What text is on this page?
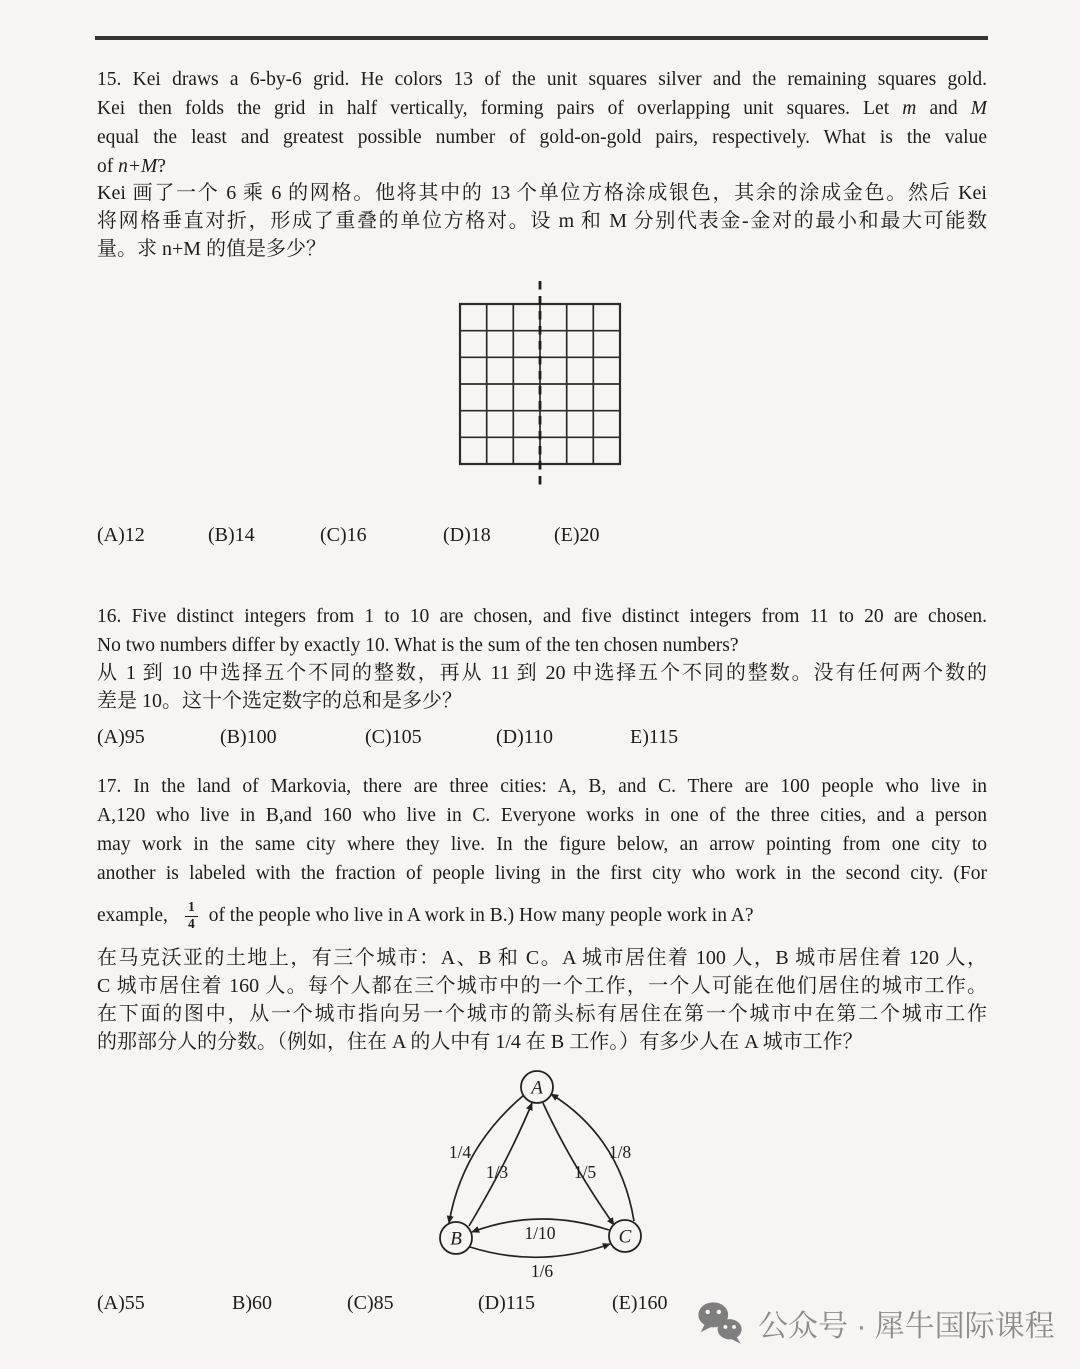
15. Kei draws a 6-by-6 grid. He colors 13 of the unit squares silver and the remaining squares gold.
Kei then folds the grid in half vertically, forming pairs of overlapping unit squares. Let m and M
equal the least and greatest possible number of gold-on-gold pairs, respectively. What is the value
of n+M?
Kei 画了一个 6 乘 6 的网格。他将其中的 13 个单位方格涂成银色，其余的涂成金色。然后 Kei
将网格垂直对折，形成了重叠的单位方格对。设 m 和 M 分别代表金-金对的最小和最大可能数
量。求 n+M 的值是多少？
(A)12	(B)14	(C)16	(D)18	(E)20
16. Five distinct integers from 1 to 10 are chosen, and five distinct integers from 11 to 20 are chosen.
No two numbers differ by exactly 10. What is the sum of the ten chosen numbers?
从 1 到 10 中选择五个不同的整数，再从 11 到 20 中选择五个不同的整数。没有任何两个数的
差是 10。这十个选定数字的总和是多少？
(A)95	(B)100	(C)105	(D)110	E)115
17. In the land of Markovia, there are three cities: A, B, and C. There are 100 people who live in
A,120 who live in B,and 160 who live in C. Everyone works in one of the three cities, and a person
may work in the same city where they live. In the figure below, an arrow pointing from one city to
another is labeled with the fraction of people living in the first city who work in the second city. (For
example, $\frac{1}{4}$ of the people who live in A work in B.) How many people work in A?
在马克沃亚的土地上，有三个城市：A、B 和 C。A 城市居住着 100 人，B 城市居住着 120 人，
C 城市居住着 160 人。每个人都在三个城市中的一个工作，一个人可能在他们居住的城市工作。
在下面的图中，从一个城市指向另一个城市的箭头标有居住在第一个城市中在第二个城市工作
的那部分人的分数。（例如，住在 A 的人中有 1/4 在 B 工作。）有多少人在 A 城市工作？
A
B	C
1/4
1/3	1/5
1/8
1/10
1/6
(A)55	B)60	(C)85	(D)115	(E)160
公众号 · 犀牛国际课程
